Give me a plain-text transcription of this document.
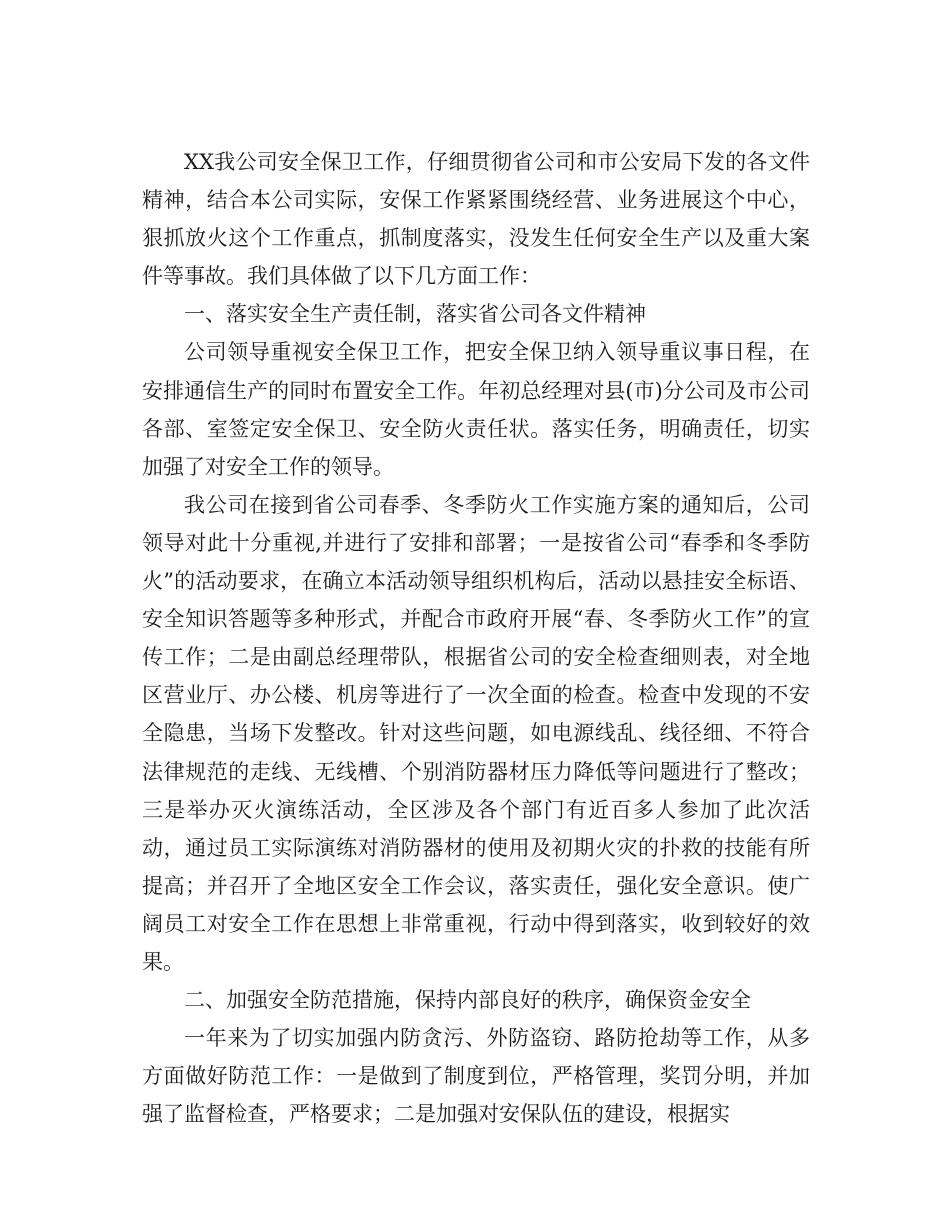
XX我公司安全保卫工作，仔细贯彻省公司和市公安局下发的各文件精神，结合本公司实际，安保工作紧紧围绕经营、业务进展这个中心，狠抓放火这个工作重点，抓制度落实，没发生任何安全生产以及重大案件等事故。我们具体做了以下几方面工作：

一、落实安全生产责任制，落实省公司各文件精神

公司领导重视安全保卫工作，把安全保卫纳入领导重议事日程，在安排通信生产的同时布置安全工作。年初总经理对县(市)分公司及市公司各部、室签定安全保卫、安全防火责任状。落实任务，明确责任，切实加强了对安全工作的领导。

我公司在接到省公司春季、冬季防火工作实施方案的通知后，公司领导对此十分重视,并进行了安排和部署；一是按省公司“春季和冬季防火”的活动要求，在确立本活动领导组织机构后，活动以悬挂安全标语、安全知识答题等多种形式，并配合市政府开展“春、冬季防火工作”的宣传工作；二是由副总经理带队，根据省公司的安全检查细则表，对全地区营业厅、办公楼、机房等进行了一次全面的检查。检查中发现的不安全隐患，当场下发整改。针对这些问题，如电源线乱、线径细、不符合法律规范的走线、无线槽、个别消防器材压力降低等问题进行了整改；三是举办灭火演练活动，全区涉及各个部门有近百多人参加了此次活动，通过员工实际演练对消防器材的使用及初期火灾的扑救的技能有所提高；并召开了全地区安全工作会议，落实责任，强化安全意识。使广阔员工对安全工作在思想上非常重视，行动中得到落实，收到较好的效果。

二、加强安全防范措施，保持内部良好的秩序，确保资金安全

一年来为了切实加强内防贪污、外防盗窃、路防抢劫等工作，从多方面做好防范工作：一是做到了制度到位，严格管理，奖罚分明，并加强了监督检查，严格要求；二是加强对安保队伍的建设，根据实
